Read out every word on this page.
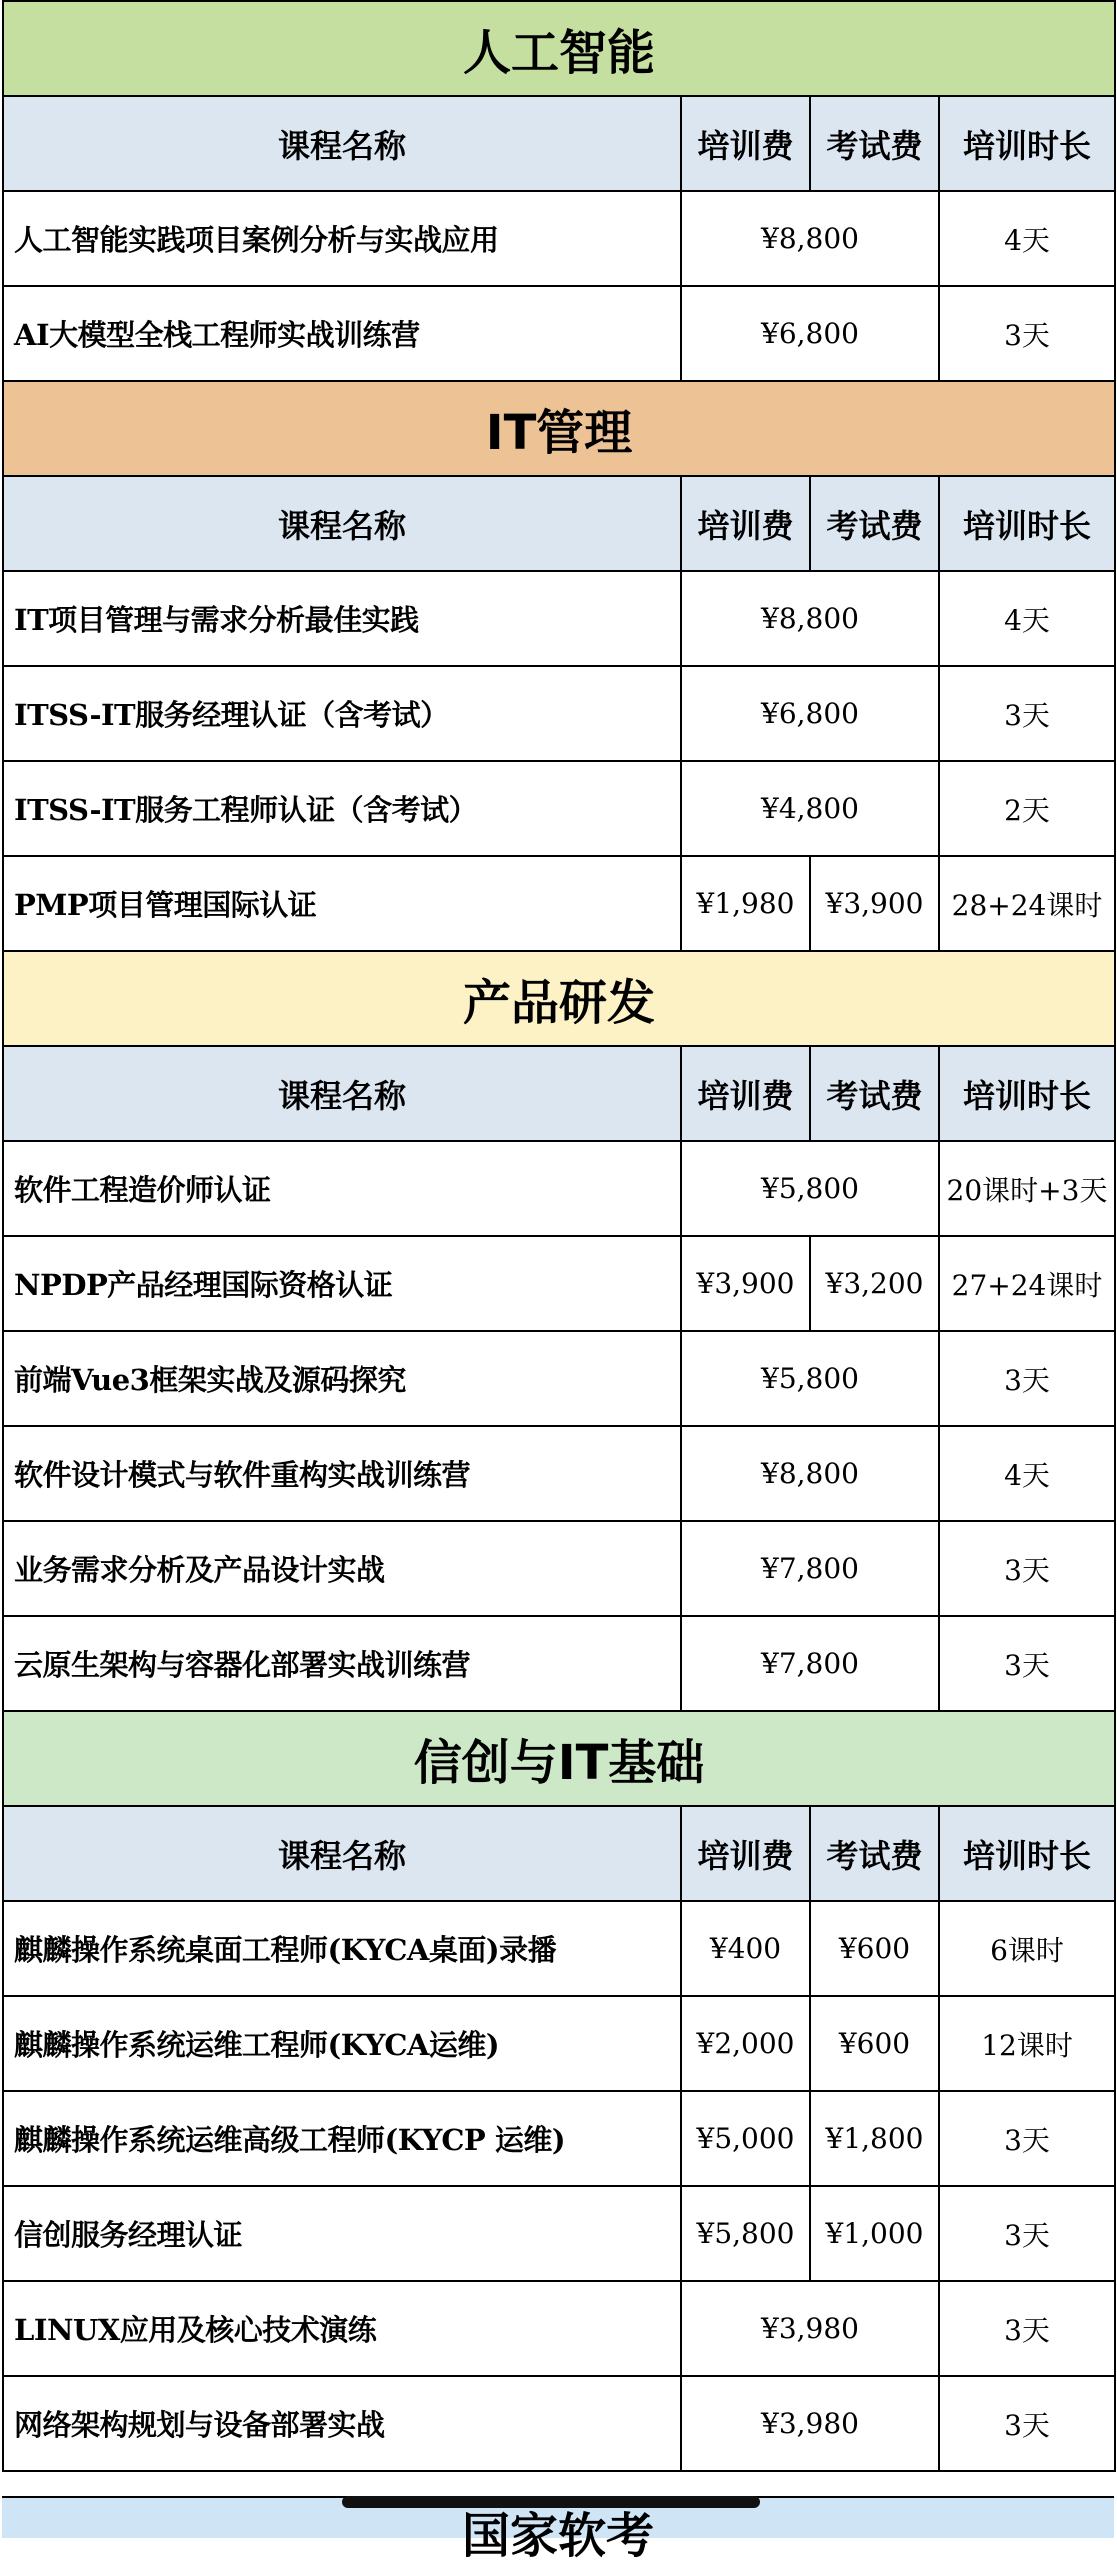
人工智能			
课程名称	培训费	考试费	培训时长
人工智能实践项目案例分析与实战应用	¥8,800		4天
AI大模型全栈工程师实战训练营	¥6,800		3天
IT管理			
课程名称	培训费	考试费	培训时长
IT项目管理与需求分析最佳实践	¥8,800		4天
ITSS-IT服务经理认证（含考试）	¥6,800		3天
ITSS-IT服务工程师认证（含考试）	¥4,800		2天
PMP项目管理国际认证	¥1,980	¥3,900	28+24课时
产品研发			
课程名称	培训费	考试费	培训时长
软件工程造价师认证	¥5,800		20课时+3天
NPDP产品经理国际资格认证	¥3,900	¥3,200	27+24课时
前端Vue3框架实战及源码探究	¥5,800		3天
软件设计模式与软件重构实战训练营	¥8,800		4天
业务需求分析及产品设计实战	¥7,800		3天
云原生架构与容器化部署实战训练营	¥7,800		3天
信创与IT基础			
课程名称	培训费	考试费	培训时长
麒麟操作系统桌面工程师(KYCA桌面)录播	¥400	¥600	6课时
麒麟操作系统运维工程师(KYCA运维)	¥2,000	¥600	12课时
麒麟操作系统运维高级工程师(KYCP 运维)	¥5,000	¥1,800	3天
信创服务经理认证	¥5,800	¥1,000	3天
LINUX应用及核心技术演练	¥3,980		3天
网络架构规划与设备部署实战	¥3,980		3天
国家软考
